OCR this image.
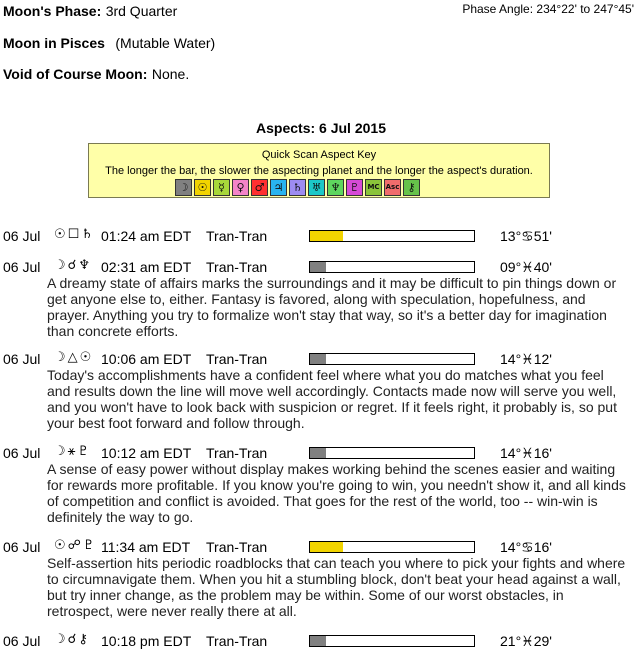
Moon's Phase: 3rd Quarter	Phase Angle: 234°22' to 247°45'
Moon in Pisces (Mutable Water)
Void of Course Moon: None.
Aspects: 6 Jul 2015
Quick Scan Aspect Key
The longer the bar, the slower the aspecting planet and the longer the aspect's duration.
☽ ☉ ☿	♀ ♂ ♃ ♄ ♅ ♆ ♇	MC Asc ⚷
06 Jul ☉☐♄ 01:24 am EDT Tran-Tran	13°♋51'
06 Jul ☽☌♆ 02:31 am EDT Tran-Tran	09°♓40'
A dreamy state of affairs marks the surroundings and it may be difficult to pin things down or
get anyone else to, either. Fantasy is favored, along with speculation, hopefulness, and
prayer. Anything you try to formalize won't stay that way, so it's a better day for imagination
than concrete efforts.
06 Jul ☽△☉ 10:06 am EDT Tran-Tran	14°♓12'
Today's accomplishments have a confident feel where what you do matches what you feel
and results down the line will move well accordingly. Contacts made now will serve you well,
and you won't have to look back with suspicion or regret. If it feels right, it probably is, so put
your best foot forward and follow through.
06 Jul ☽⚹♇ 10:12 am EDT Tran-Tran	14°♓16'
A sense of easy power without display makes working behind the scenes easier and waiting
for rewards more profitable. If you know you're going to win, you needn't show it, and all kinds
of competition and conflict is avoided. That goes for the rest of the world, too -- win-win is
definitely the way to go.
06 Jul ☉☍♇ 11:34 am EDT Tran-Tran	14°♋16'
Self-assertion hits periodic roadblocks that can teach you where to pick your fights and where
to circumnavigate them. When you hit a stumbling block, don't beat your head against a wall,
but try inner change, as the problem may be within. Some of our worst obstacles, in
retrospect, were never really there at all.
06 Jul ☽☌⚷ 10:18 pm EDT Tran-Tran	21°♓29'
